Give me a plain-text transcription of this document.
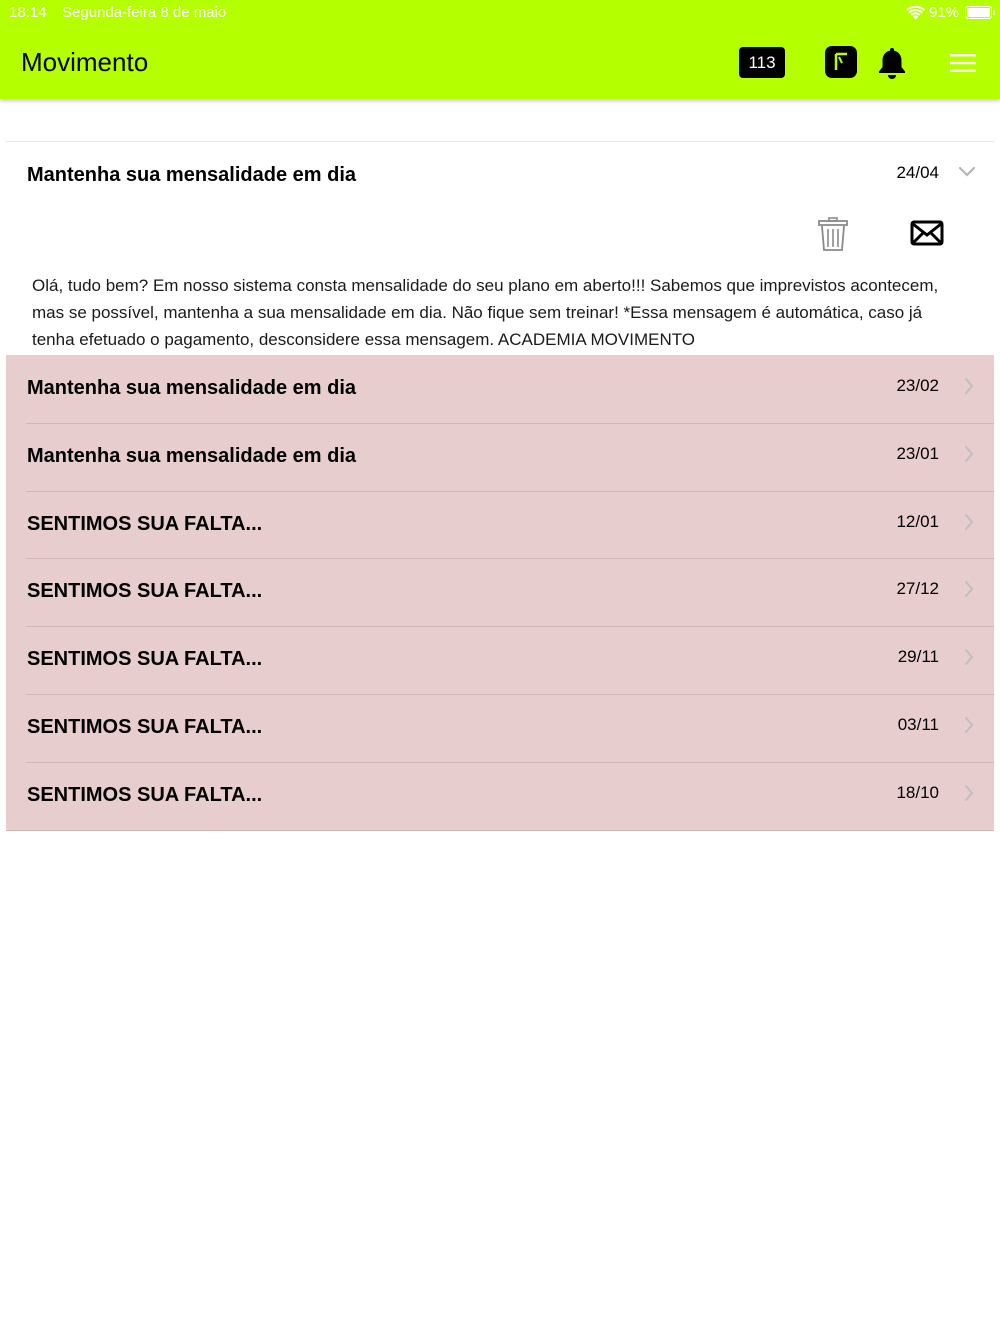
18:14 Segunda-feira 8 de maio	91%
Movimento	113
Mantenha sua mensalidade em dia	24/04
Olá, tudo bem? Em nosso sistema consta mensalidade do seu plano em aberto!!! Sabemos que imprevistos acontecem, mas se possível, mantenha a sua mensalidade em dia. Não fique sem treinar! *Essa mensagem é automática, caso já tenha efetuado o pagamento, desconsidere essa mensagem. ACADEMIA MOVIMENTO
Mantenha sua mensalidade em dia	23/02
Mantenha sua mensalidade em dia	23/01
SENTIMOS SUA FALTA...	12/01
SENTIMOS SUA FALTA...	27/12
SENTIMOS SUA FALTA...	29/11
SENTIMOS SUA FALTA...	03/11
SENTIMOS SUA FALTA...	18/10
